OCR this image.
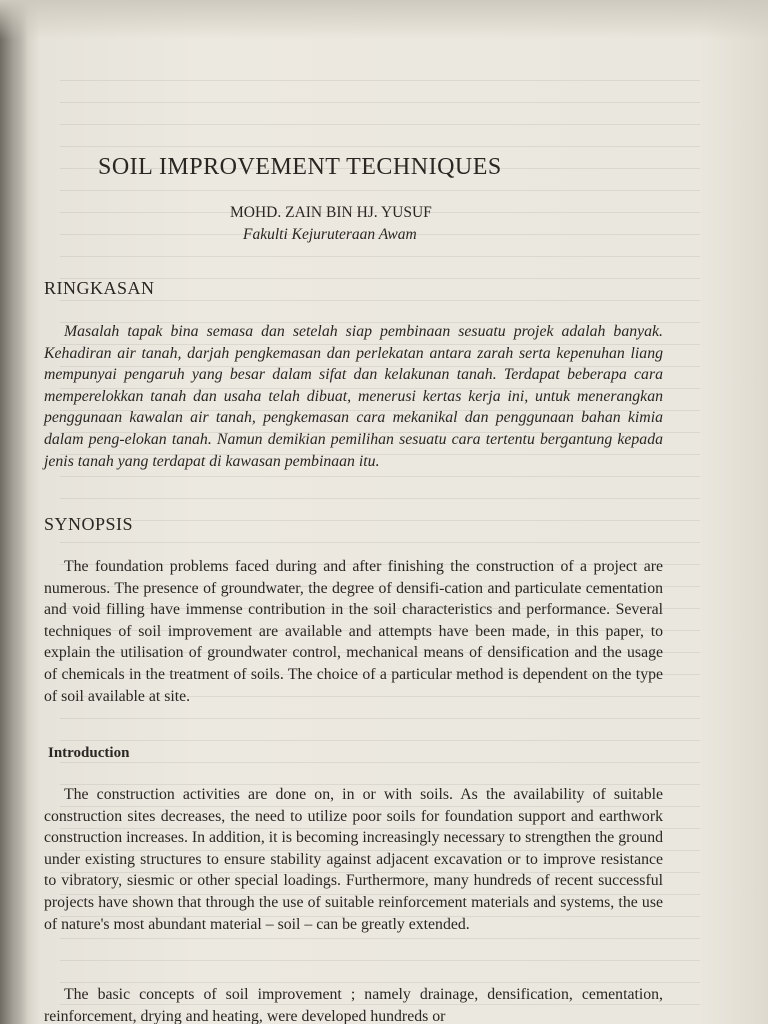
SOIL IMPROVEMENT TECHNIQUES
MOHD. ZAIN BIN HJ. YUSUF
Fakulti Kejuruteraan Awam
RINGKASAN

Masalah tapak bina semasa dan setelah siap pembinaan sesuatu projek adalah banyak. Kehadiran air tanah, darjah pengkemasan dan perlekatan antara zarah serta kepenuhan liang mempunyai pengaruh yang besar dalam sifat dan kelakunan tanah. Terdapat beberapa cara memperelokkan tanah dan usaha telah dibuat, menerusi kertas kerja ini, untuk menerangkan penggunaan kawalan air tanah, pengkemasan cara mekanikal dan penggunaan bahan kimia dalam peng-elokan tanah. Namun demikian pemilihan sesuatu cara tertentu bergantung kepada jenis tanah yang terdapat di kawasan pembinaan itu.

SYNOPSIS

The foundation problems faced during and after finishing the construction of a project are numerous. The presence of groundwater, the degree of densifi-cation and particulate cementation and void filling have immense contribution in the soil characteristics and performance. Several techniques of soil improvement are available and attempts have been made, in this paper, to explain the utilisation of groundwater control, mechanical means of densification and the usage of chemicals in the treatment of soils. The choice of a particular method is dependent on the type of soil available at site.

Introduction

The construction activities are done on, in or with soils. As the availability of suitable construction sites decreases, the need to utilize poor soils for foundation support and earthwork construction increases. In addition, it is becoming increasingly necessary to strengthen the ground under existing structures to ensure stability against adjacent excavation or to improve resistance to vibratory, siesmic or other special loadings. Furthermore, many hundreds of recent successful projects have shown that through the use of suitable reinforcement materials and systems, the use of nature's most abundant material – soil – can be greatly extended.

The basic concepts of soil improvement ; namely drainage, densification, cementation, reinforcement, drying and heating, were developed hundreds or
